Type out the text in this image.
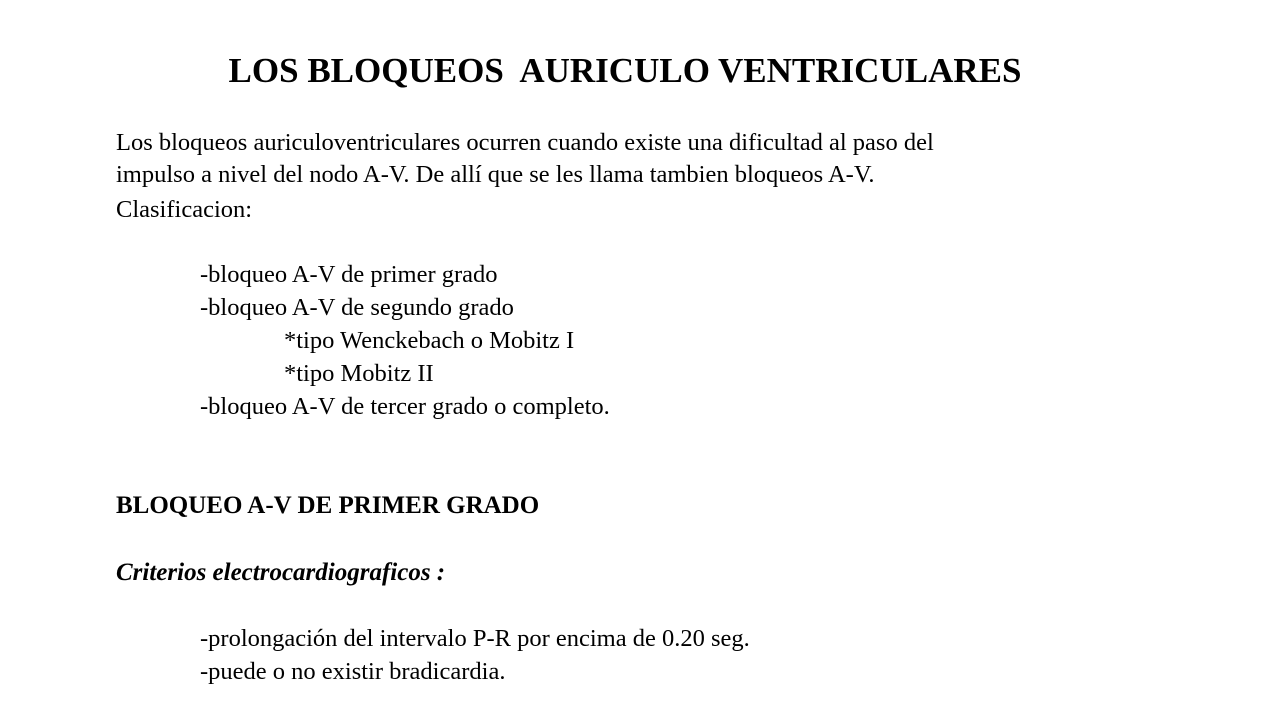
LOS BLOQUEOS  AURICULO VENTRICULARES
Los bloqueos auriculoventriculares ocurren cuando existe una dificultad al paso del
impulso a nivel del nodo A-V. De allí que se les llama tambien bloqueos A-V.
Clasificacion:
-bloqueo A-V de primer grado
-bloqueo A-V de segundo grado
*tipo Wenckebach o Mobitz I
*tipo Mobitz II
-bloqueo A-V de tercer grado o completo.
BLOQUEO A-V DE PRIMER GRADO
Criterios electrocardiograficos :
-prolongación del intervalo P-R por encima de 0.20 seg.
-puede o no existir bradicardia.
